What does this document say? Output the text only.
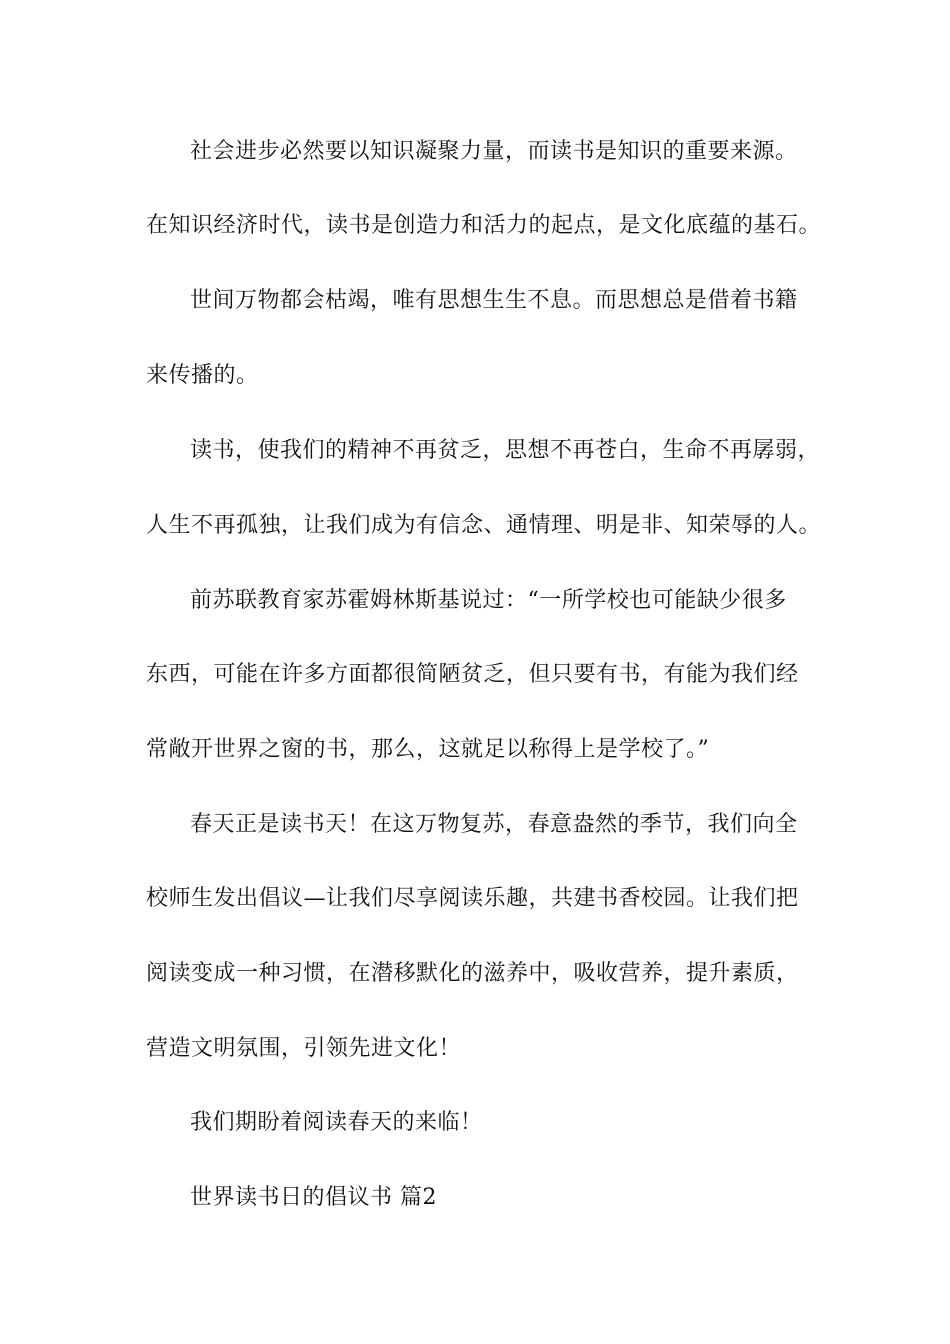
社会进步必然要以知识凝聚力量，而读书是知识的重要来源。
在知识经济时代，读书是创造力和活力的起点，是文化底蕴的基石。
世间万物都会枯竭，唯有思想生生不息。而思想总是借着书籍
来传播的。
读书，使我们的精神不再贫乏，思想不再苍白，生命不再孱弱，
人生不再孤独，让我们成为有信念、通情理、明是非、知荣辱的人。
前苏联教育家苏霍姆林斯基说过：“一所学校也可能缺少很多
东西，可能在许多方面都很简陋贫乏，但只要有书，有能为我们经
常敞开世界之窗的书，那么，这就足以称得上是学校了。”
春天正是读书天！在这万物复苏，春意盎然的季节，我们向全
校师生发出倡议—让我们尽享阅读乐趣，共建书香校园。让我们把
阅读变成一种习惯，在潜移默化的滋养中，吸收营养，提升素质，
营造文明氛围，引领先进文化！
我们期盼着阅读春天的来临！
世界读书日的倡议书 篇2
